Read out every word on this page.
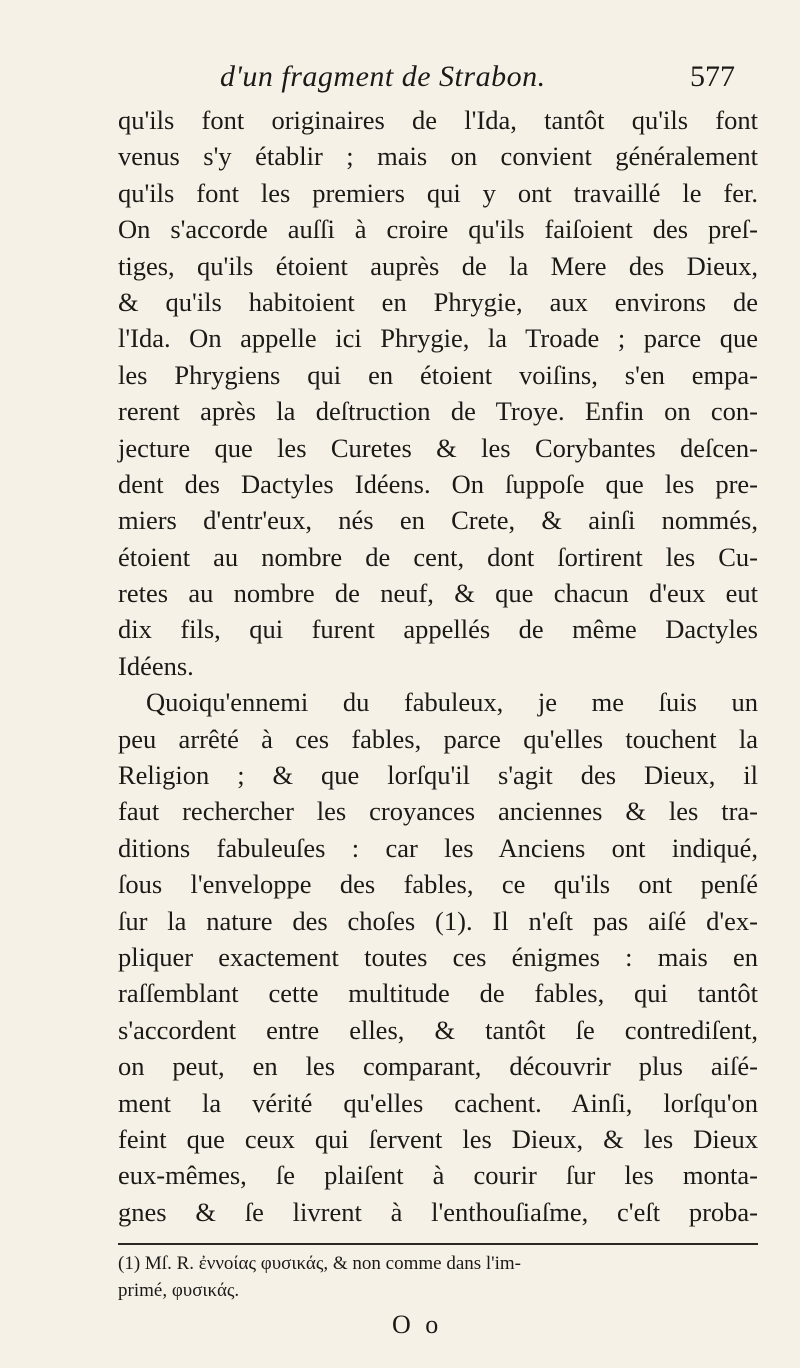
d'un fragment de Strabon.	577
qu'ils font originaires de l'Ida, tantôt qu'ils font
venus s'y établir ; mais on convient généralement
qu'ils font les premiers qui y ont travaillé le fer.
On s'accorde auſſi à croire qu'ils faiſoient des preſ-
tiges, qu'ils étoient auprès de la Mere des Dieux,
& qu'ils habitoient en Phrygie, aux environs de
l'Ida. On appelle ici Phrygie, la Troade ; parce que
les Phrygiens qui en étoient voiſins, s'en empa-
rerent après la deſtruction de Troye. Enfin on con-
jecture que les Curetes & les Corybantes deſcen-
dent des Dactyles Idéens. On ſuppoſe que les pre-
miers d'entr'eux, nés en Crete, & ainſi nommés,
étoient au nombre de cent, dont ſortirent les Cu-
retes au nombre de neuf, & que chacun d'eux eut
dix fils, qui furent appellés de même Dactyles
Idéens.
Quoiqu'ennemi du fabuleux, je me ſuis un
peu arrêté à ces fables, parce qu'elles touchent la
Religion ; & que lorſqu'il s'agit des Dieux, il
faut rechercher les croyances anciennes & les tra-
ditions fabuleuſes : car les Anciens ont indiqué,
ſous l'enveloppe des fables, ce qu'ils ont penſé
ſur la nature des choſes (1). Il n'eſt pas aiſé d'ex-
pliquer exactement toutes ces énigmes : mais en
raſſemblant cette multitude de fables, qui tantôt
s'accordent entre elles, & tantôt ſe contrediſent,
on peut, en les comparant, découvrir plus aiſé-
ment la vérité qu'elles cachent. Ainſi, lorſqu'on
feint que ceux qui ſervent les Dieux, & les Dieux
eux-mêmes, ſe plaiſent à courir ſur les monta-
gnes & ſe livrent à l'enthouſiaſme, c'eſt proba-
(1) Mſ. R. ἐννοίας φυσικάς, & non comme dans l'im-
primé, φυσικάς.
O o
